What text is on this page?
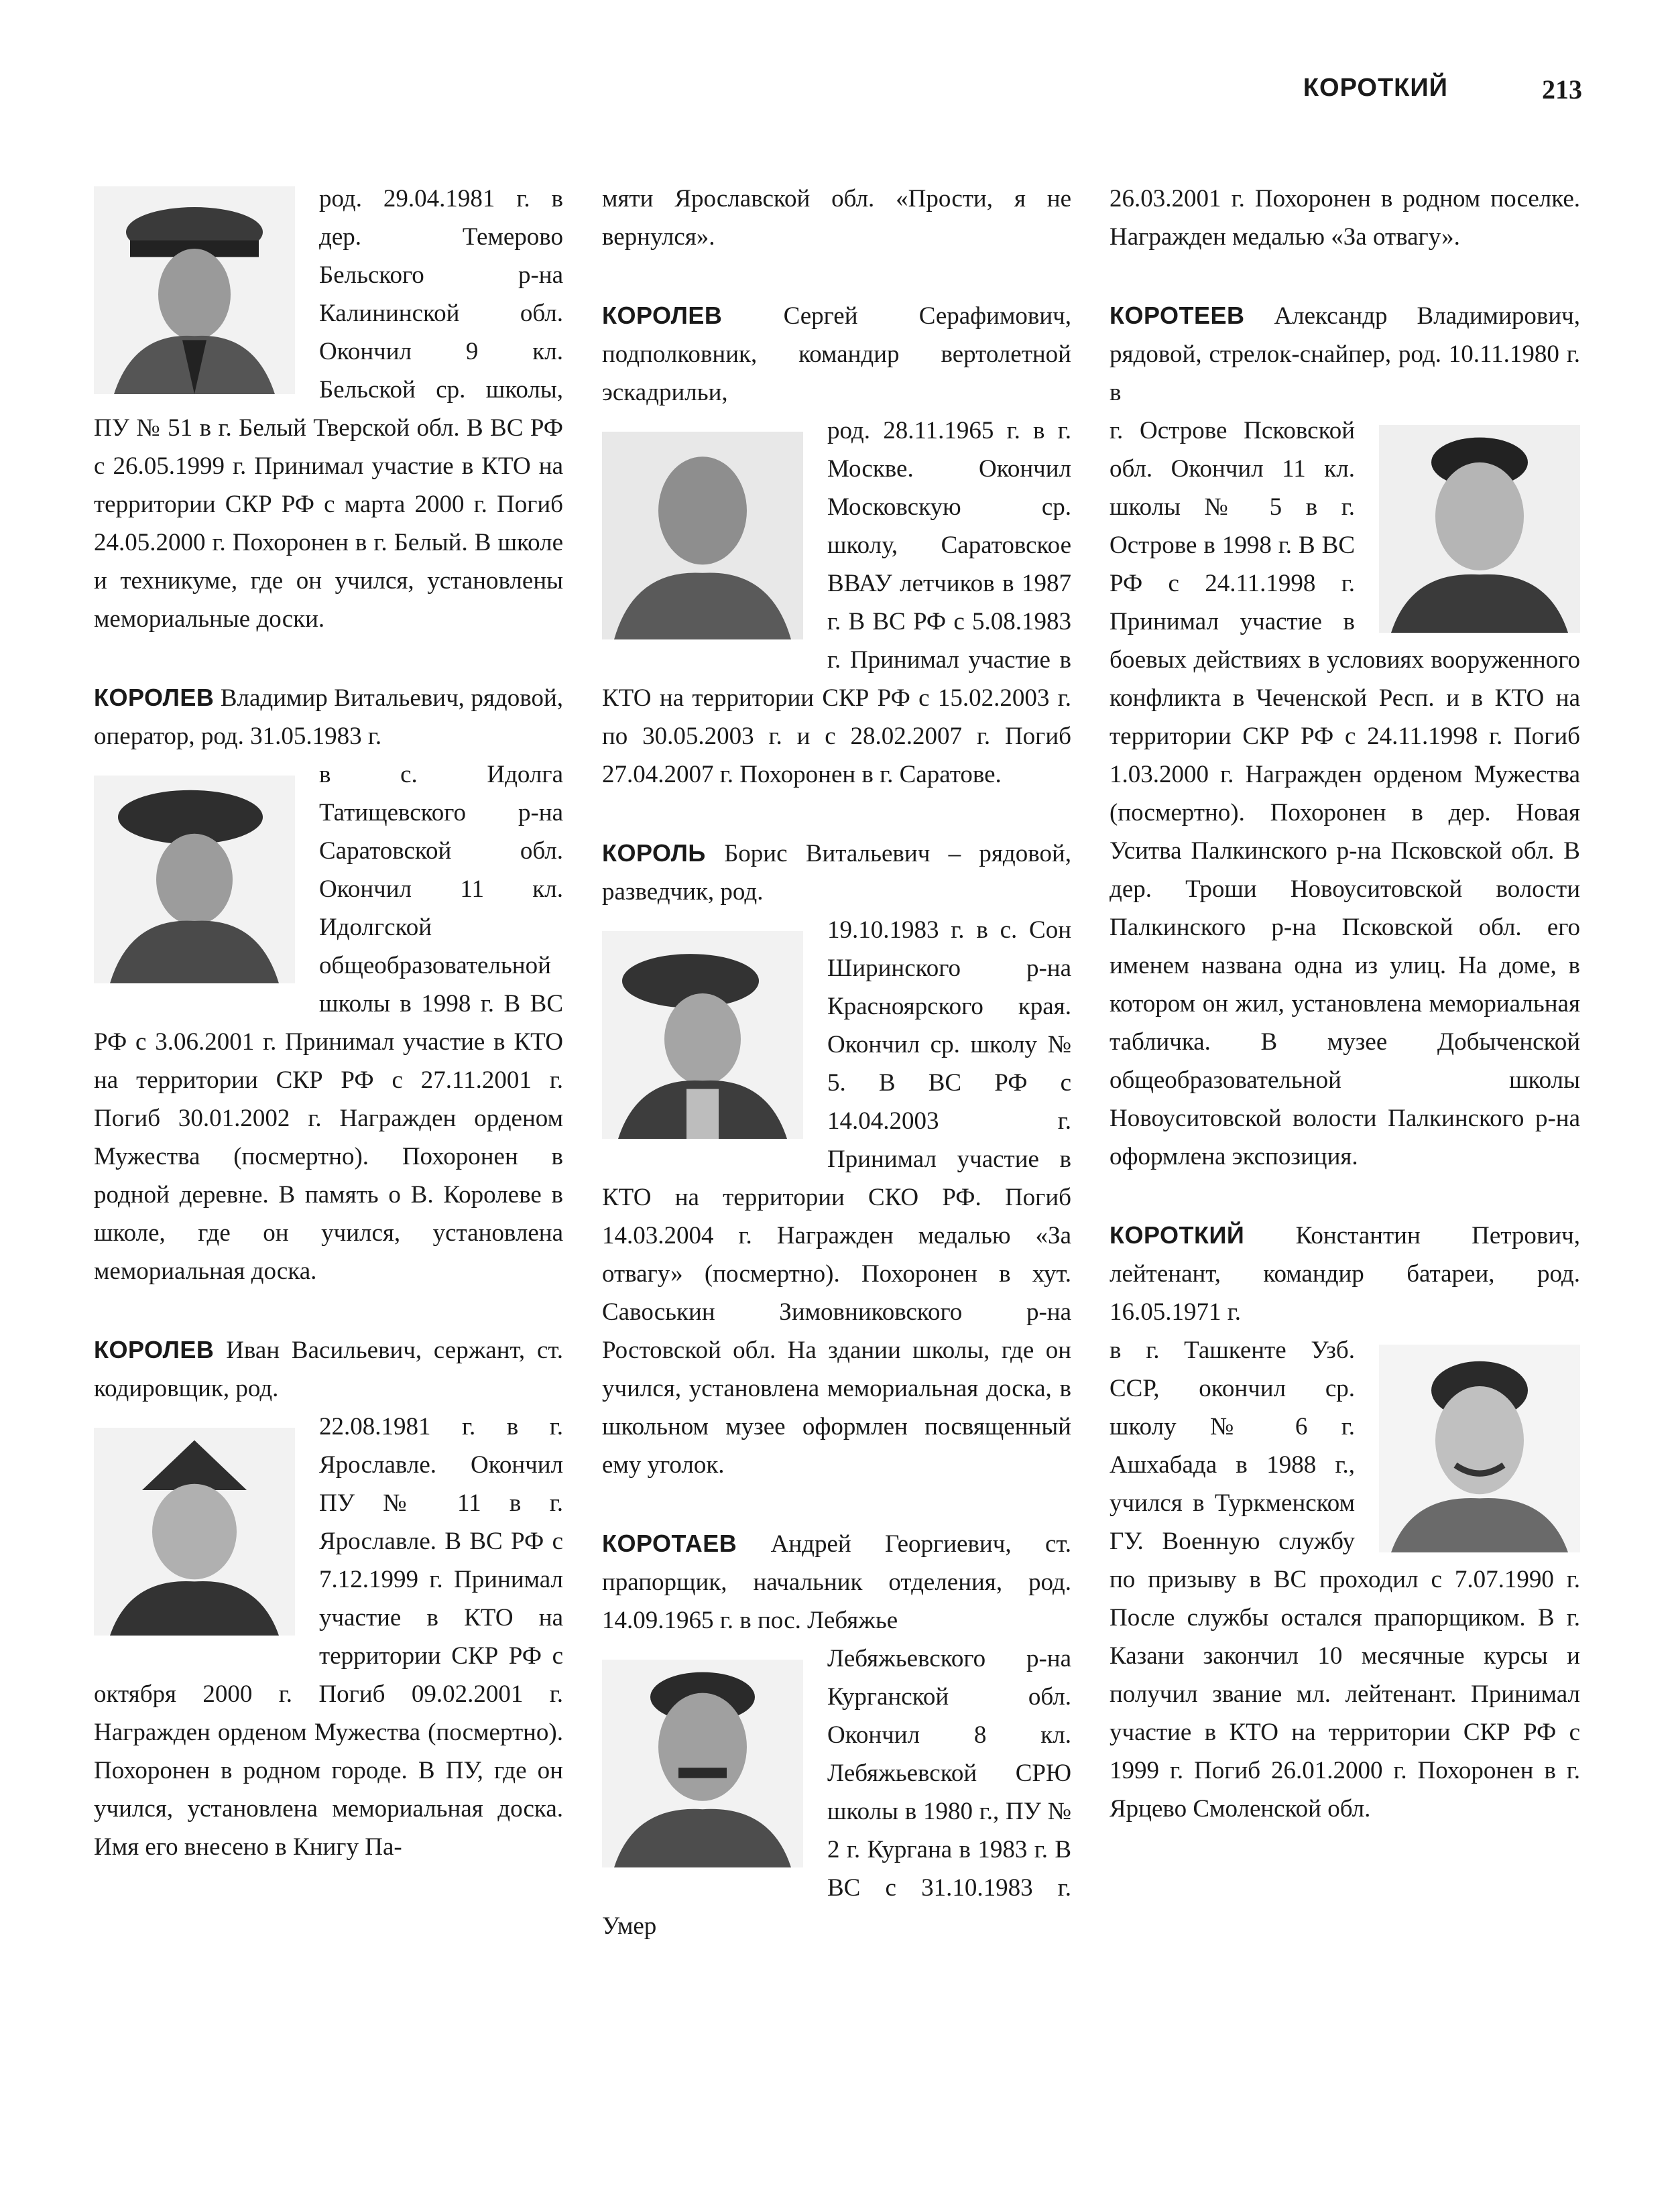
КОРОТКИЙ	213

род. 29.04.1981 г. в дер. Темерово Бельского р-на Калининской обл. Окончил 9 кл. Бельской ср. школы, ПУ № 51 в г. Белый Тверской обл. В ВС РФ с 26.05.1999 г. Принимал участие в КТО на территории СКР РФ с марта 2000 г. Погиб 24.05.2000 г. Похоронен в г. Белый. В школе и техникуме, где он учился, установлены мемориальные доски.

КОРОЛЕВ Владимир Витальевич, рядовой, оператор, род. 31.05.1983 г.

в с. Идолга Татищевского р-на Саратовской обл. Окончил 11 кл. Идолгской общеобразовательной школы в 1998 г. В ВС РФ с 3.06.2001 г. Принимал участие в КТО на территории СКР РФ с 27.11.2001 г. Погиб 30.01.2002 г. Награжден орденом Мужества (посмертно). Похоронен в родной деревне. В память о В. Королеве в школе, где он учился, установлена мемориальная доска.

КОРОЛЕВ Иван Васильевич, сержант, ст. кодировщик, род.

22.08.1981 г. в г. Ярославле. Окончил ПУ № 11 в г. Ярославле. В ВС РФ с 7.12.1999 г. Принимал участие в КТО на территории СКР РФ с октября 2000 г. Погиб 09.02.2001 г. Награжден орденом Мужества (посмертно). Похоронен в родном городе. В ПУ, где он учился, установлена мемориальная доска. Имя его внесено в Книгу Па-

мяти Ярославской обл. «Прости, я не вернулся».

КОРОЛЕВ Сергей Серафимович, подполковник, командир вертолетной эскадрильи,

род. 28.11.1965 г. в г. Москве. Окончил Московскую ср. школу, Саратовское ВВАУ летчиков в 1987 г. В ВС РФ с 5.08.1983 г. Принимал участие в КТО на территории СКР РФ с 15.02.2003 г. по 30.05.2003 г. и с 28.02.2007 г. Погиб 27.04.2007 г. Похоронен в г. Саратове.

КОРОЛЬ Борис Витальевич – рядовой, разведчик, род.

19.10.1983 г. в с. Сон Ширинского р-на Красноярского края. Окончил ср. школу № 5. В ВС РФ с 14.04.2003 г. Принимал участие в КТО на территории СКО РФ. Погиб 14.03.2004 г. Награжден медалью «За отвагу» (посмертно). Похоронен в хут. Савоськин Зимовниковского р-на Ростовской обл. На здании школы, где он учился, установлена мемориальная доска, в школьном музее оформлен посвященный ему уголок.

КОРОТАЕВ Андрей Георгиевич, ст. прапорщик, начальник отделения, род. 14.09.1965 г. в пос. Лебяжье

Лебяжьевского р-на Курганской обл. Окончил 8 кл. Лебяжьевской СРЮ школы в 1980 г., ПУ № 2 г. Кургана в 1983 г. В ВС с 31.10.1983 г. Умер

26.03.2001 г. Похоронен в родном поселке. Награжден медалью «За отвагу».

КОРОТЕЕВ Александр Владимирович, рядовой, стрелок-снайпер, род. 10.11.1980 г. в

г. Острове Псковской обл. Окончил 11 кл. школы № 5 в г. Острове в 1998 г. В ВС РФ с 24.11.1998 г. Принимал участие в боевых действиях в условиях вооруженного конфликта в Чеченской Респ. и в КТО на территории СКР РФ с 24.11.1998 г. Погиб 1.03.2000 г. Награжден орденом Мужества (посмертно). Похоронен в дер. Новая Уситва Палкинского р-на Псковской обл. В дер. Троши Новоуситовской волости Палкинского р-на Псковской обл. его именем названа одна из улиц. На доме, в котором он жил, установлена мемориальная табличка. В музее Добыченской общеобразовательной школы Новоуситовской волости Палкинского р-на оформлена экспозиция.

КОРОТКИЙ Константин Петрович, лейтенант, командир батареи, род. 16.05.1971 г.

в г. Ташкенте Узб. ССР, окончил ср. школу № 6 г. Ашхабада в 1988 г., учился в Туркменском ГУ. Военную службу по призыву в ВС проходил с 7.07.1990 г. После службы остался прапорщиком. В г. Казани закончил 10 месячные курсы и получил звание мл. лейтенант. Принимал участие в КТО на территории СКР РФ с 1999 г. Погиб 26.01.2000 г. Похоронен в г. Ярцево Смоленской обл.
